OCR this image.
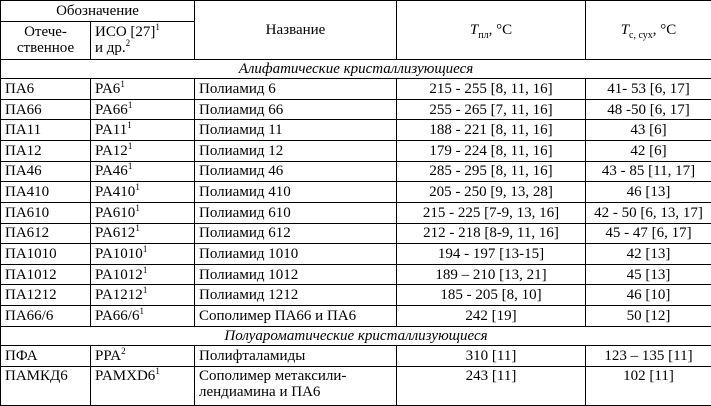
Обозначение		Название	$T_{пл}$, °C	$T_{с, сух}$, °C
Отече-
ственное	ИСО $[27]^1$
и др.$^2$
Алифатические кристаллизующиеся				
ПА6	$PA6^1$	Полиамид 6	215 - 255 [8, 11, 16]	41- 53 [6, 17]
ПА66	$PA66^1$	Полиамид 66	255 - 265 [7, 11, 16]	48 -50 [6, 17]
ПА11	$PA11^1$	Полиамид 11	188 - 221 [8, 11, 16]	43 [6]
ПА12	$PA12^1$	Полиамид 12	179 - 224 [8, 11, 16]	42 [6]
ПА46	$PA46^1$	Полиамид 46	285 - 295 [8, 11, 16]	43 - 85 [11, 17]
ПА410	$PA410^1$	Полиамид 410	205 - 250 [9, 13, 28]	46 [13]
ПА610	$PA610^1$	Полиамид 610	215 - 225 [7-9, 13, 16]	42 - 50 [6, 13, 17]
ПА612	$PA612^1$	Полиамид 612	212 - 218 [8-9, 11, 16]	45 - 47 [6, 17]
ПА1010	PA1010$^1$	Полиамид 1010	194 - 197 [13-15]	42 [13]
ПА1012	PA1012$^1$	Полиамид 1012	189 – 210 [13, 21]	45 [13]
ПА1212	PA1212$^1$	Полиамид 1212	185 - 205 [8, 10]	46 [10]
ПА66/6	$PA66/6^1$	Сополимер ПА66 и ПА6	242 [19]	50 [12]
Полуароматические кристаллизующиеся				
ПФА	PPA$^2$	Полифталамиды	310 [11]	123 – 135 [11]
ПАМКД6	$PAMXD6^1$	Сополимер метаксили-
лендиамина и ПА6	243 [11]	102 [11]
